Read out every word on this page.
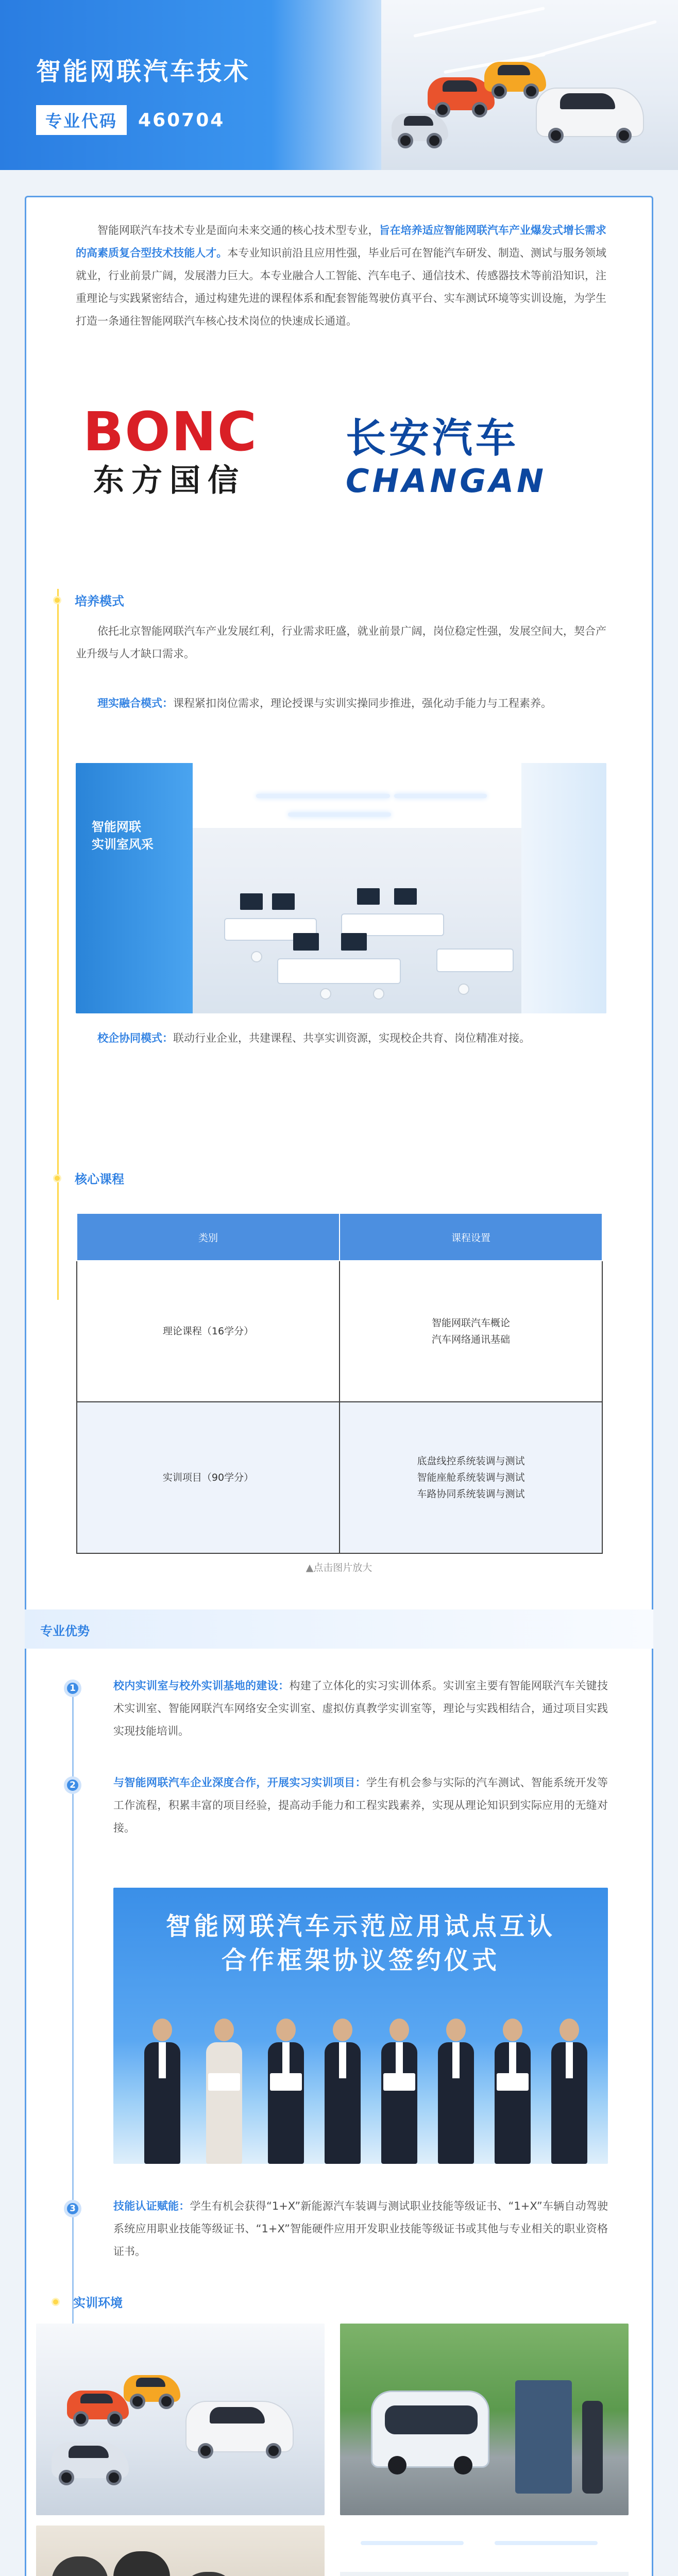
智能网联汽车技术
专业代码	460704

智能网联汽车技术专业是面向未来交通的核心技术型专业，旨在培养适应智能网联汽车产业爆发式增长需求的高素质复合型技术技能人才。本专业知识前沿且应用性强，毕业后可在智能汽车研发、制造、测试与服务领域就业，行业前景广阔，发展潜力巨大。本专业融合人工智能、汽车电子、通信技术、传感器技术等前沿知识，注重理论与实践紧密结合，通过构建先进的课程体系和配套智能驾驶仿真平台、实车测试环境等实训设施，为学生打造一条通往智能网联汽车核心技术岗位的快速成长通道。

BONC
东方国信
长安汽车
CHANGAN
培养模式

依托北京智能网联汽车产业发展红利，行业需求旺盛，就业前景广阔，岗位稳定性强，发展空间大，契合产业升级与人才缺口需求。

理实融合模式：课程紧扣岗位需求，理论授课与实训实操同步推进，强化动手能力与工程素养。

智能网联
实训室风采

校企协同模式：联动行业企业，共建课程、共享实训资源，实现校企共育、岗位精准对接。

核心课程
类别	课程设置
理论课程（16学分）	智能网联汽车概论
汽车网络通讯基础

实训项目（90学分）	底盘线控系统装调与测试
智能座舱系统装调与测试
车路协同系统装调与测试
▲点击图片放大
专业优势
1	校内实训室与校外实训基地的建设：构建了立体化的实习实训体系。实训室主要有智能网联汽车关键技术实训室、智能网联汽车网络安全实训室、虚拟仿真教学实训室等，理论与实践相结合，通过项目实践实现技能培训。

2	与智能网联汽车企业深度合作，开展实习实训项目：学生有机会参与实际的汽车测试、智能系统开发等工作流程，积累丰富的项目经验，提高动手能力和工程实践素养，实现从理论知识到实际应用的无缝对接。

智能网联汽车示范应用试点互认
合作框架协议签约仪式
3	技能认证赋能：学生有机会获得“1+X”新能源汽车装调与测试职业技能等级证书、“1+X”车辆自动驾驶系统应用职业技能等级证书、“1+X”智能硬件应用开发职业技能等级证书或其他与专业相关的职业资格证书。

实训环境
